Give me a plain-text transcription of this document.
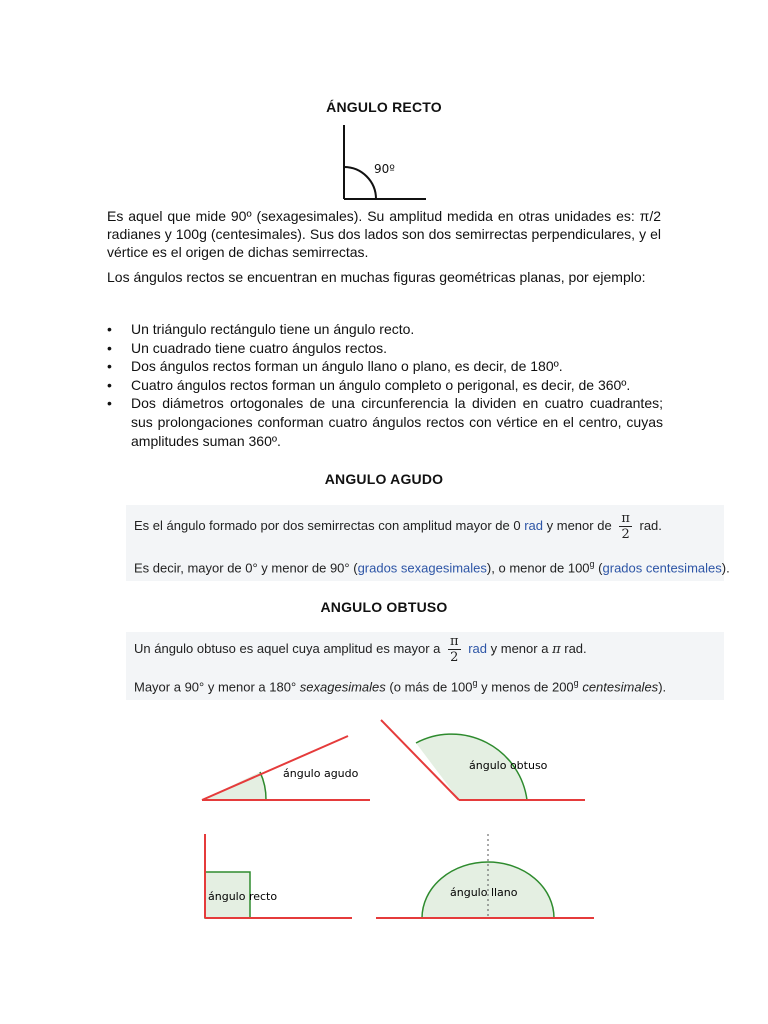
ÁNGULO RECTO
90º
Es aquel que mide 90º (sexagesimales). Su amplitud medida en otras unidades es: π/2 radianes y 100g (centesimales). Sus dos lados son dos semirrectas perpendiculares, y el vértice es el origen de dichas semirrectas.
Los ángulos rectos se encuentran en muchas figuras geométricas planas, por ejemplo:
• Un triángulo rectángulo tiene un ángulo recto.
• Un cuadrado tiene cuatro ángulos rectos.
• Dos ángulos rectos forman un ángulo llano o plano, es decir, de 180º.
• Cuatro ángulos rectos forman un ángulo completo o perigonal, es decir, de 360º.
• Dos diámetros ortogonales de una circunferencia la dividen en cuatro cuadrantes; sus prolongaciones conforman cuatro ángulos rectos con vértice en el centro, cuyas amplitudes suman 360º.
ANGULO AGUDO
Es el ángulo formado por dos semirrectas con amplitud mayor de 0 rad y menor de $\frac{\pi}{2}$ rad.
Es decir, mayor de 0° y menor de 90° (grados sexagesimales), o menor de 100$^g$ (grados centesimales).
ANGULO OBTUSO
Un ángulo obtuso es aquel cuya amplitud es mayor a $\frac{\pi}{2}$ rad y menor a π rad.
Mayor a 90° y menor a 180° sexagesimales (o más de 100$^g$ y menos de 200$^g$ centesimales).
ángulo agudo
ángulo obtuso
ángulo recto	ángulo llano
